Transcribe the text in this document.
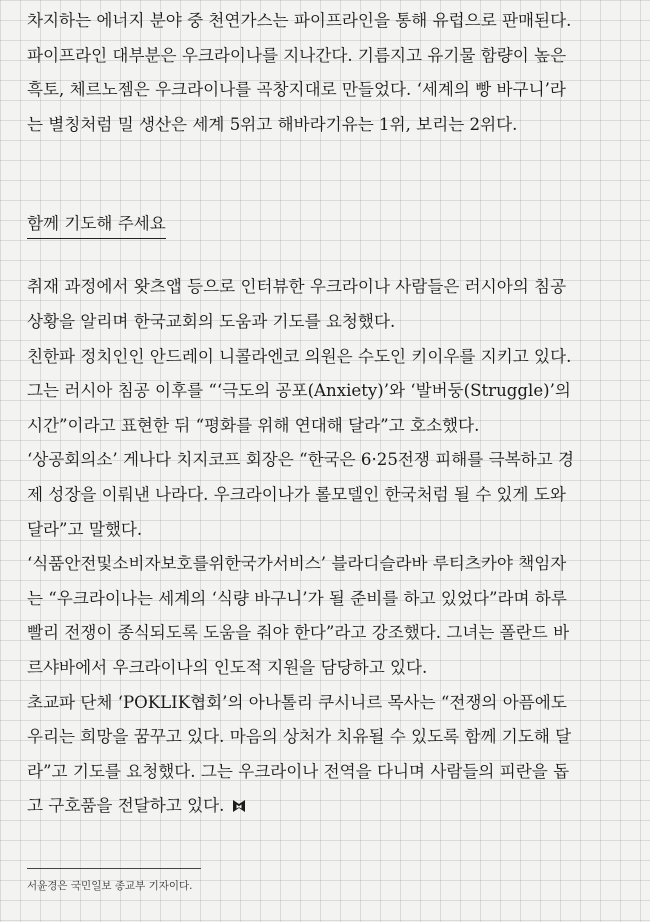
차지하는 에너지 분야 중 천연가스는 파이프라인을 통해 유럽으로 판매된다.
파이프라인 대부분은 우크라이나를 지나간다. 기름지고 유기물 함량이 높은
흑토, 체르노젬은 우크라이나를 곡창지대로 만들었다. ‘세계의 빵 바구니’라
는 별칭처럼 밀 생산은 세계 5위고 해바라기유는 1위, 보리는 2위다.
함께 기도해 주세요
취재 과정에서 왓츠앱 등으로 인터뷰한 우크라이나 사람들은 러시아의 침공
상황을 알리며 한국교회의 도움과 기도를 요청했다.
친한파 정치인인 안드레이 니콜라엔코 의원은 수도인 키이우를 지키고 있다.
그는 러시아 침공 이후를 “‘극도의 공포(Anxiety)’와 ‘발버둥(Struggle)’의
시간”이라고 표현한 뒤 “평화를 위해 연대해 달라”고 호소했다.
‘상공회의소’ 게나다 치지코프 회장은 “한국은 6·25전쟁 피해를 극복하고 경
제 성장을 이뤄낸 나라다. 우크라이나가 롤모델인 한국처럼 될 수 있게 도와
달라”고 말했다.
‘식품안전및소비자보호를위한국가서비스’ 블라디슬라바 루티츠카야 책임자
는 “우크라이나는 세계의 ‘식량 바구니’가 될 준비를 하고 있었다”라며 하루
빨리 전쟁이 종식되도록 도움을 줘야 한다”라고 강조했다. 그녀는 폴란드 바
르샤바에서 우크라이나의 인도적 지원을 담당하고 있다.
초교파 단체 ‘POKLIK협회’의 아나톨리 쿠시니르 목사는 “전쟁의 아픔에도
우리는 희망을 꿈꾸고 있다. 마음의 상처가 치유될 수 있도록 함께 기도해 달
라”고 기도를 요청했다. 그는 우크라이나 전역을 다니며 사람들의 피란을 돕
고 구호품을 전달하고 있다.
서윤경은 국민일보 종교부 기자이다.
